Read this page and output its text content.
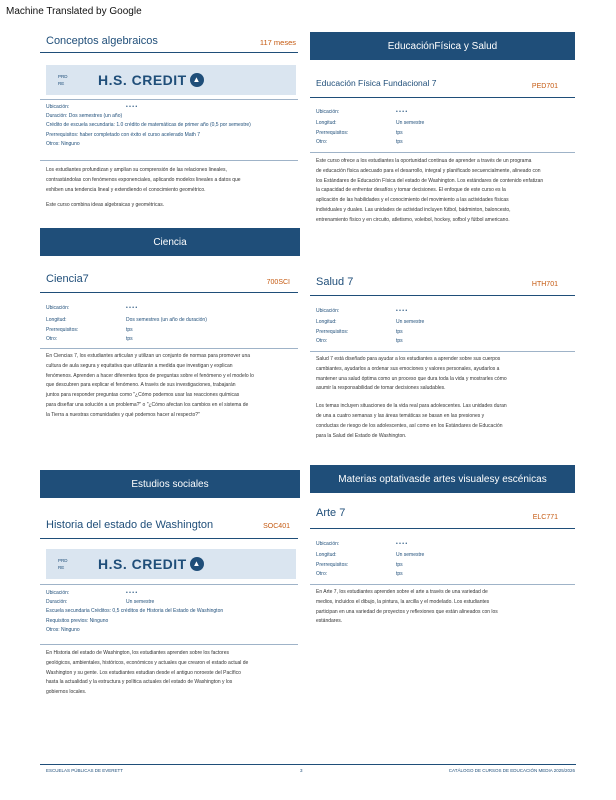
Machine Translated by Google
Conceptos algebraicos	117 meses
PRD
RE	H.S. CREDIT ▲
Ubicación:	• • • •
Duración: Dos semestres (un año)
Crédito de escuela secundaria: 1.0 crédito de matemáticas de primer año (0,5 por semestre)
Prerrequisitos: haber completado con éxito el curso acelerado Math 7
Otros: Ninguno
Los estudiantes profundizan y amplían su comprensión de las relaciones lineales,
contrastándolas con fenómenos exponenciales, aplicando modelos lineales a datos que
exhiben una tendencia lineal y extendiendo el conocimiento geométrico.
Este curso combina ideas algebraicas y geométricas.
Ciencia
Ciencia7	700SCI
Ubicación:	• • • •
Longitud:	Dos semestres (un año de duración)
Prerrequisitos:	tps
Otro:	tps
En Ciencias 7, los estudiantes articulan y utilizan un conjunto de normas para promover una
cultura de aula segura y equitativa que utilizarán a medida que investigan y explican
fenómenos. Aprenden a hacer diferentes tipos de preguntas sobre el fenómeno y el modelo lo
que descubren para explicar el fenómeno. A través de sus investigaciones, trabajarán
juntos para responder preguntas como "¿Cómo podemos usar las reacciones químicas
para diseñar una solución a un problema?" o "¿Cómo afectan los cambios en el sistema de
la Tierra a nuestras comunidades y qué podemos hacer al respecto?"
Estudios sociales
Historia del estado de Washington	SOC401
PRD
RE	H.S. CREDIT ▲
Ubicación:	• • • •
Duración:	Un semestre
Escuela secundaria Créditos: 0,5 créditos de Historia del Estado de Washington
Requisitos previos: Ninguno
Otros: Ninguno
En Historia del estado de Washington, los estudiantes aprenden sobre los factores
geológicos, ambientales, históricos, económicos y actuales que crearon el estado actual de
Washington y su gente. Los estudiantes estudian desde el antiguo noroeste del Pacífico
hasta la actualidad y la estructura y política actuales del estado de Washington y los
gobiernos locales.
EducaciónFísica y Salud
Educación Física Fundacional 7	PED701
Ubicación:	• • • •
Longitud:	Un semestre
Prerrequisitos:	tps
Otro:	tps
Este curso ofrece a los estudiantes la oportunidad continua de aprender a través de un programa
de educación física adecuado para el desarrollo, integral y planificado secuencialmente, alineado con
los Estándares de Educación Física del estado de Washington. Los estándares de contenido enfatizan
la capacidad de enfrentar desafíos y tomar decisiones. El enfoque de este curso es la
aplicación de las habilidades y el conocimiento del movimiento a las actividades físicas
individuales y duales. Las unidades de actividad incluyen fútbol, bádminton, baloncesto,
entrenamiento físico y en circuito, atletismo, voleibol, hockey, sofbol y fútbol americano.
Salud 7	HTH701
Ubicación:	• • • •
Longitud:	Un semestre
Prerrequisitos:	tps
Otro:	tps
Salud 7 está diseñado para ayudar a los estudiantes a aprender sobre sus cuerpos
cambiantes, ayudarlos a ordenar sus emociones y valores personales, ayudarlos a
mantener una salud óptima como un proceso que dura toda la vida y mostrarles cómo
asumir la responsabilidad de tomar decisiones saludables.
Los temas incluyen situaciones de la vida real para adolescentes. Las unidades duran
de una a cuatro semanas y las áreas temáticas se basan en las presiones y
conductas de riesgo de los adolescentes, así como en los Estándares de Educación
para la Salud del Estado de Washington.
Materias optativasde artes visualesy escénicas
Arte 7	ELC771
Ubicación:	• • • •
Longitud:	Un semestre
Prerrequisitos:	tps
Otro:	tps
En Arte 7, los estudiantes aprenden sobre el arte a través de una variedad de
medios, incluidos el dibujo, la pintura, la arcilla y el modelado. Los estudiantes
participan en una variedad de proyectos y reflexiones que están alineados con los
estándares.
ESCUELAS PÚBLICAS DE EVERETT	3	CATÁLOGO DE CURSOS DE EDUCACIÓN MEDIA 2025/2026
